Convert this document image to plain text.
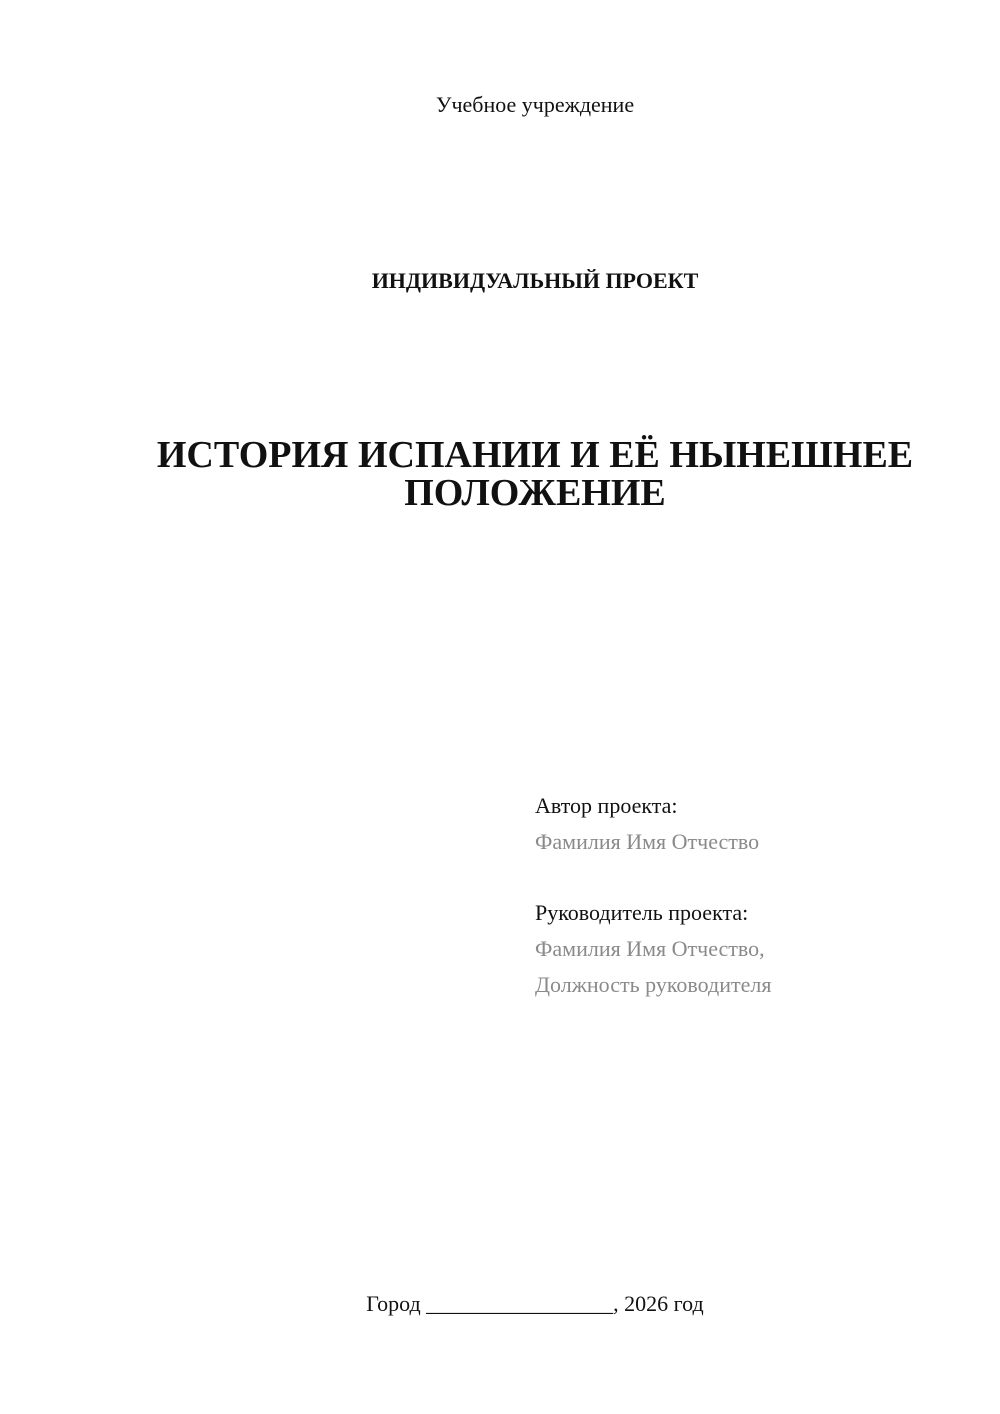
Учебное учреждение
ИНДИВИДУАЛЬНЫЙ ПРОЕКТ
ИСТОРИЯ ИСПАНИИ И ЕЁ НЫНЕШНЕЕ
ПОЛОЖЕНИЕ
Автор проекта:
Фамилия Имя Отчество
Руководитель проекта:
Фамилия Имя Отчество,
Должность руководителя
Город _________________, 2026 год
